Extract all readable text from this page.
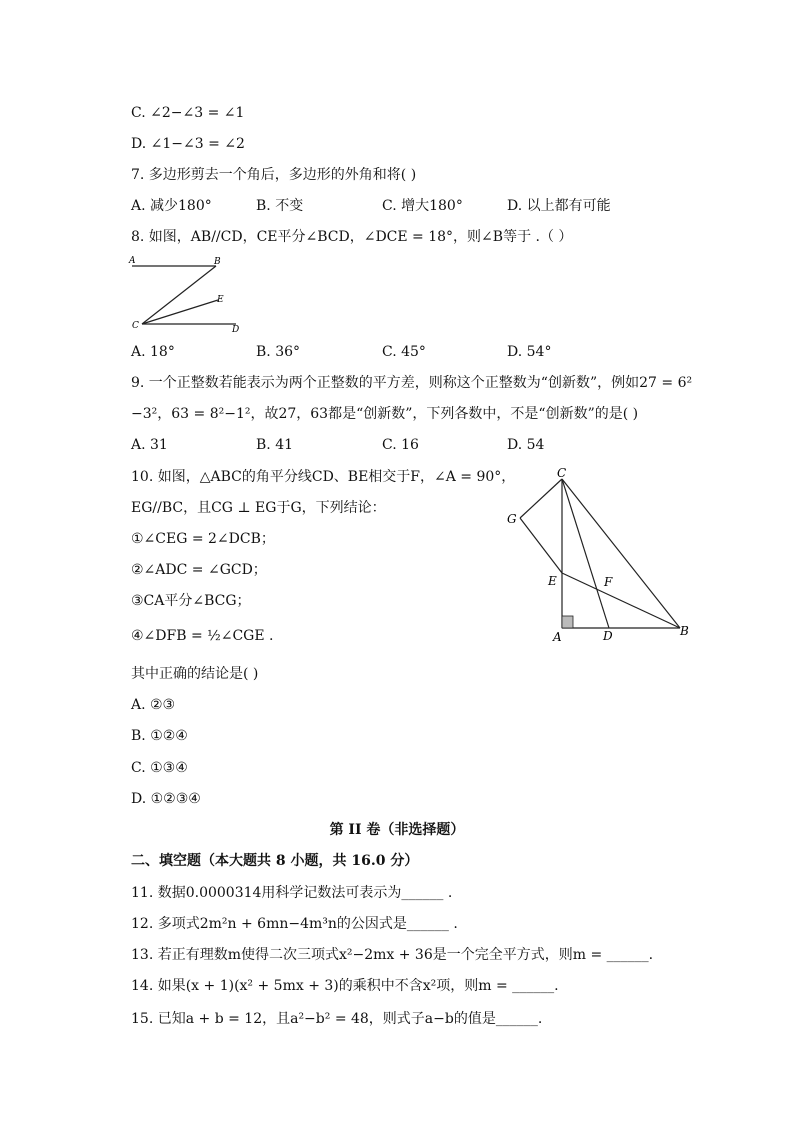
C. ∠2−∠3 = ∠1
D. ∠1−∠3 = ∠2
7. 多边形剪去一个角后，多边形的外角和将( )
A. 减少180°	B. 不变	C. 增大180°	D. 以上都有可能
8. 如图，AB//CD，CE平分∠BCD，∠DCE = 18°，则∠B等于 .（ ）
A	B
C
E
D
A. 18°	B. 36°	C. 45°	D. 54°
9. 一个正整数若能表示为两个正整数的平方差，则称这个正整数为“创新数”，例如27 = 6²
−3²，63 = 8²−1²，故27，63都是“创新数”，下列各数中，不是“创新数”的是( )
A. 31	B. 41	C. 16	D. 54
10. 如图，△ABC的角平分线CD、BE相交于F，∠A = 90°，
EG//BC，且CG ⊥ EG于G，下列结论：
①∠CEG = 2∠DCB；
②∠ADC = ∠GCD；
③CA平分∠BCG；
④∠DFB = ½∠CGE .
C
G
E	F
A	D	B
其中正确的结论是( )
A. ②③
B. ①②④
C. ①③④
D. ①②③④
第 II 卷（非选择题）
二、填空题（本大题共 8 小题，共 16.0 分）
11. 数据0.0000314用科学记数法可表示为______ .
12. 多项式2m²n + 6mn−4m³n的公因式是______ .
13. 若正有理数m使得二次三项式x²−2mx + 36是一个完全平方式，则m = ______.
14. 如果(x + 1)(x² + 5mx + 3)的乘积中不含x²项，则m = ______.
15. 已知a + b = 12，且a²−b² = 48，则式子a−b的值是______.
